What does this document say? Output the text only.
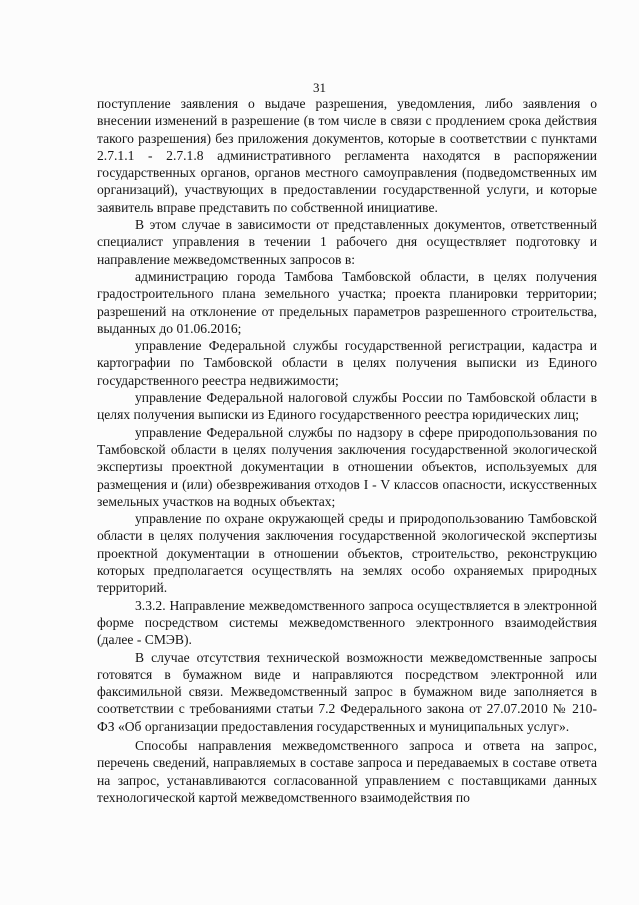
31

поступление заявления о выдаче разрешения, уведомления, либо заявления о внесении изменений в разрешение (в том числе в связи с продлением срока действия такого разрешения) без приложения документов, которые в соответствии с пунктами 2.7.1.1 - 2.7.1.8 административного регламента находятся в распоряжении государственных органов, органов местного самоуправления (подведомственных им организаций), участвующих в предоставлении государственной услуги, и которые заявитель вправе представить по собственной инициативе.

В этом случае в зависимости от представленных документов, ответственный специалист управления в течении 1 рабочего дня осуществляет подготовку и направление межведомственных запросов в:

администрацию города Тамбова Тамбовской области, в целях получения градостроительного плана земельного участка; проекта планировки территории; разрешений на отклонение от предельных параметров разрешенного строительства, выданных до 01.06.2016;

управление Федеральной службы государственной регистрации, кадастра и картографии по Тамбовской области в целях получения выписки из Единого государственного реестра недвижимости;

управление Федеральной налоговой службы России по Тамбовской области в целях получения выписки из Единого государственного реестра юридических лиц;

управление Федеральной службы по надзору в сфере природопользования по Тамбовской области в целях получения заключения государственной экологической экспертизы проектной документации в отношении объектов, используемых для размещения и (или) обезвреживания отходов I - V классов опасности, искусственных земельных участков на водных объектах;

управление по охране окружающей среды и природопользованию Тамбовской области в целях получения заключения государственной экологической экспертизы проектной документации в отношении объектов, строительство, реконструкцию которых предполагается осуществлять на землях особо охраняемых природных территорий.

3.3.2. Направление межведомственного запроса осуществляется в электронной форме посредством системы межведомственного электронного взаимодействия (далее - СМЭВ).

В случае отсутствия технической возможности межведомственные запросы готовятся в бумажном виде и направляются посредством электронной или факсимильной связи. Межведомственный запрос в бумажном виде заполняется в соответствии с требованиями статьи 7.2 Федерального закона от 27.07.2010 № 210-ФЗ «Об организации предоставления государственных и муниципальных услуг».

Способы направления межведомственного запроса и ответа на запрос, перечень сведений, направляемых в составе запроса и передаваемых в составе ответа на запрос, устанавливаются согласованной управлением с поставщиками данных технологической картой межведомственного взаимодействия по
